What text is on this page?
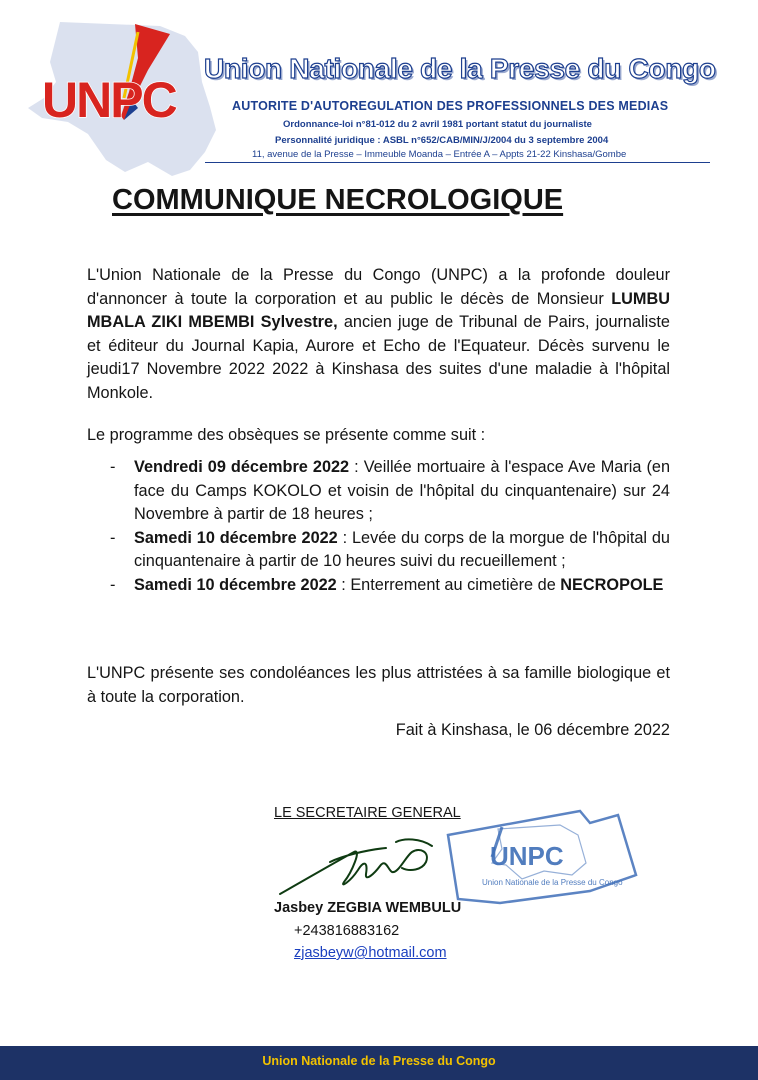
UNPC
Union Nationale de la Presse du Congo
AUTORITE D'AUTOREGULATION DES PROFESSIONNELS DES MEDIAS
Ordonnance-loi n°81-012 du 2 avril 1981 portant statut du journaliste
Personnalité juridique : ASBL n°652/CAB/MIN/J/2004 du 3 septembre 2004
11, avenue de la Presse – Immeuble Moanda – Entrée A – Appts 21-22 Kinshasa/Gombe
COMMUNIQUE NECROLOGIQUE
L'Union Nationale de la Presse du Congo (UNPC) a la profonde douleur d'annoncer à toute la corporation et au public le décès de Monsieur LUMBU MBALA ZIKI MBEMBI Sylvestre, ancien juge de Tribunal de Pairs, journaliste et éditeur du Journal Kapia, Aurore et Echo de l'Equateur. Décès survenu le jeudi17 Novembre 2022 2022 à Kinshasa des suites d'une maladie à l'hôpital Monkole.
Le programme des obsèques se présente comme suit :
- Vendredi 09 décembre 2022 : Veillée mortuaire à l'espace Ave Maria (en face du Camps KOKOLO et voisin de l'hôpital du cinquantenaire) sur 24 Novembre à partir de 18 heures ;
- Samedi 10 décembre 2022 : Levée du corps de la morgue de l'hôpital du cinquantenaire à partir de 10 heures suivi du recueillement ;
- Samedi 10 décembre 2022 : Enterrement au cimetière de NECROPOLE
L'UNPC présente ses condoléances les plus attristées à sa famille biologique et à toute la corporation.
Fait à Kinshasa, le 06 décembre 2022
LE SECRETAIRE GENERAL
UNPC
Union Nationale de la Presse du Congo
Jasbey ZEGBIA WEMBULU
+243816883162
zjasbeyw@hotmail.com
Union Nationale de la Presse du Congo
